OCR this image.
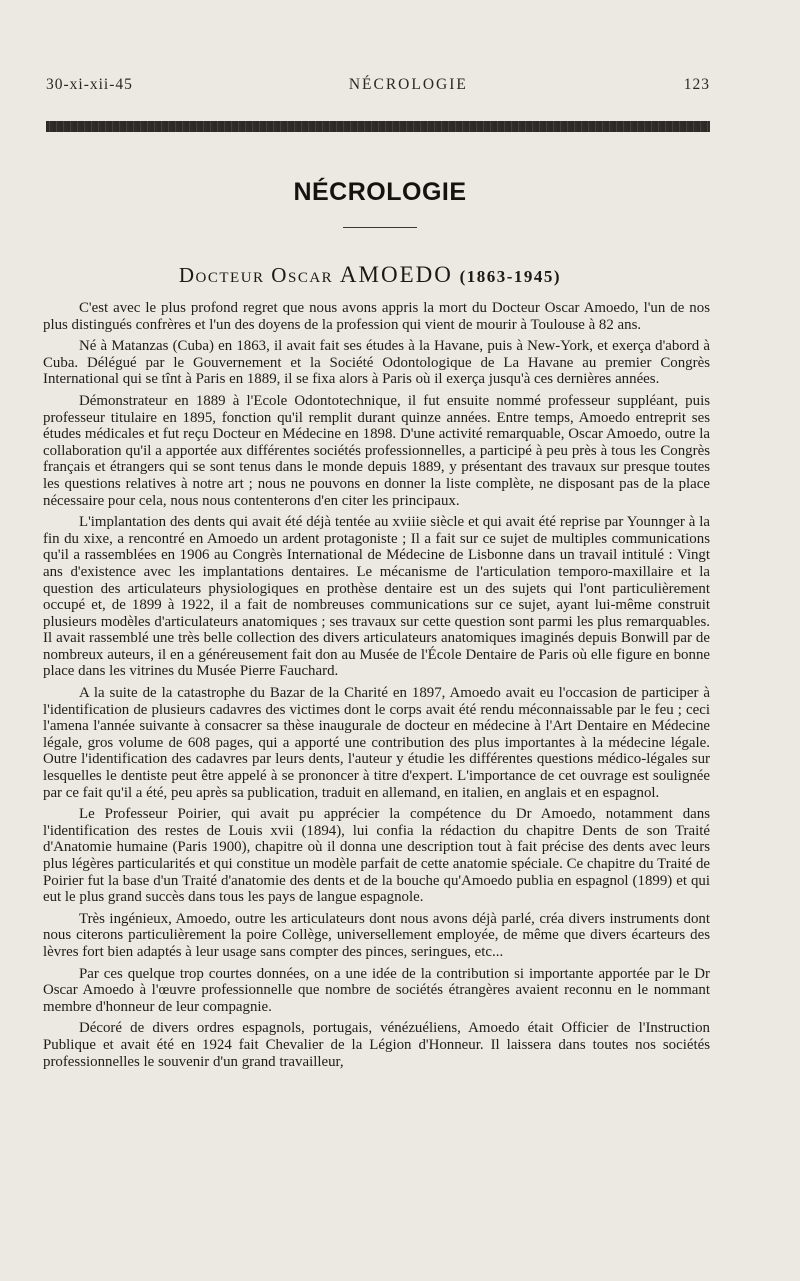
30-xi-xii-45	NÉCROLOGIE	123
NÉCROLOGIE
Docteur Oscar AMOEDO (1863-1945)

C'est avec le plus profond regret que nous avons appris la mort du Docteur Oscar Amoedo, l'un de nos plus distingués confrères et l'un des doyens de la profession qui vient de mourir à Toulouse à 82 ans.

Né à Matanzas (Cuba) en 1863, il avait fait ses études à la Havane, puis à New-York, et exerça d'abord à Cuba. Délégué par le Gouvernement et la Société Odontologique de La Havane au premier Congrès International qui se tînt à Paris en 1889, il se fixa alors à Paris où il exerça jusqu'à ces dernières années.

Démonstrateur en 1889 à l'Ecole Odontotechnique, il fut ensuite nommé professeur suppléant, puis professeur titulaire en 1895, fonction qu'il remplit durant quinze années. Entre temps, Amoedo entreprit ses études médicales et fut reçu Docteur en Médecine en 1898. D'une activité remarquable, Oscar Amoedo, outre la collaboration qu'il a apportée aux différentes sociétés professionnelles, a participé à peu près à tous les Congrès français et étrangers qui se sont tenus dans le monde depuis 1889, y présentant des travaux sur presque toutes les questions relatives à notre art ; nous ne pouvons en donner la liste complète, ne disposant pas de la place nécessaire pour cela, nous nous contenterons d'en citer les principaux.

L'implantation des dents qui avait été déjà tentée au xviiie siècle et qui avait été reprise par Younnger à la fin du xixe, a rencontré en Amoedo un ardent protagoniste ; Il a fait sur ce sujet de multiples communications qu'il a rassemblées en 1906 au Congrès International de Médecine de Lisbonne dans un travail intitulé : Vingt ans d'existence avec les implantations dentaires. Le mécanisme de l'articulation temporo-maxillaire et la question des articulateurs physiologiques en prothèse dentaire est un des sujets qui l'ont particulièrement occupé et, de 1899 à 1922, il a fait de nombreuses communications sur ce sujet, ayant lui-même construit plusieurs modèles d'articulateurs anatomiques ; ses travaux sur cette question sont parmi les plus remarquables. Il avait rassemblé une très belle collection des divers articulateurs anatomiques imaginés depuis Bonwill par de nombreux auteurs, il en a généreusement fait don au Musée de l'École Dentaire de Paris où elle figure en bonne place dans les vitrines du Musée Pierre Fauchard.

A la suite de la catastrophe du Bazar de la Charité en 1897, Amoedo avait eu l'occasion de participer à l'identification de plusieurs cadavres des victimes dont le corps avait été rendu méconnaissable par le feu ; ceci l'amena l'année suivante à consacrer sa thèse inaugurale de docteur en médecine à l'Art Dentaire en Médecine légale, gros volume de 608 pages, qui a apporté une contribution des plus importantes à la médecine légale. Outre l'identification des cadavres par leurs dents, l'auteur y étudie les différentes questions médico-légales sur lesquelles le dentiste peut être appelé à se prononcer à titre d'expert. L'importance de cet ouvrage est soulignée par ce fait qu'il a été, peu après sa publication, traduit en allemand, en italien, en anglais et en espagnol.

Le Professeur Poirier, qui avait pu apprécier la compétence du Dr Amoedo, notamment dans l'identification des restes de Louis xvii (1894), lui confia la rédaction du chapitre Dents de son Traité d'Anatomie humaine (Paris 1900), chapitre où il donna une description tout à fait précise des dents avec leurs plus légères particularités et qui constitue un modèle parfait de cette anatomie spéciale. Ce chapitre du Traité de Poirier fut la base d'un Traité d'anatomie des dents et de la bouche qu'Amoedo publia en espagnol (1899) et qui eut le plus grand succès dans tous les pays de langue espagnole.

Très ingénieux, Amoedo, outre les articulateurs dont nous avons déjà parlé, créa divers instruments dont nous citerons particulièrement la poire Collège, universellement employée, de même que divers écarteurs des lèvres fort bien adaptés à leur usage sans compter des pinces, seringues, etc...

Par ces quelque trop courtes données, on a une idée de la contribution si importante apportée par le Dr Oscar Amoedo à l'œuvre professionnelle que nombre de sociétés étrangères avaient reconnu en le nommant membre d'honneur de leur compagnie.

Décoré de divers ordres espagnols, portugais, vénézuéliens, Amoedo était Officier de l'Instruction Publique et avait été en 1924 fait Chevalier de la Légion d'Honneur. Il laissera dans toutes nos sociétés professionnelles le souvenir d'un grand travailleur,
